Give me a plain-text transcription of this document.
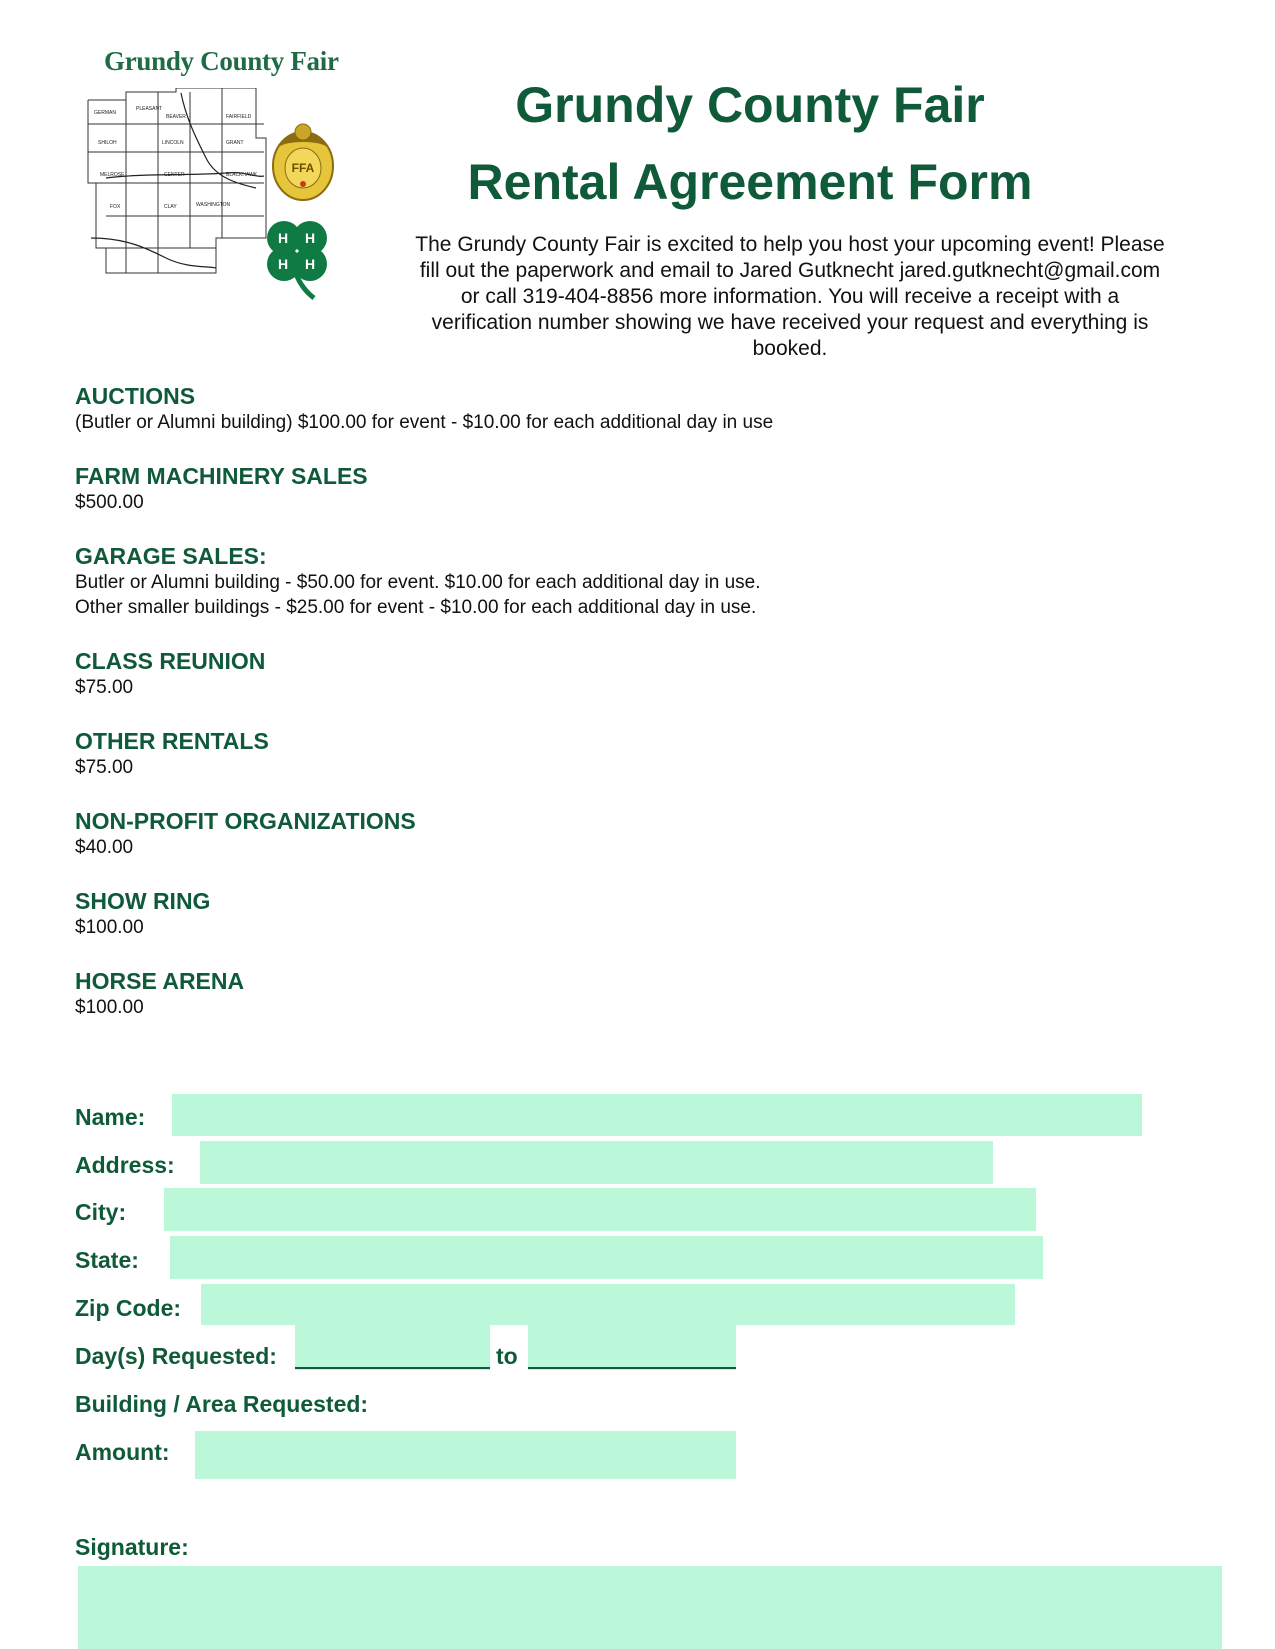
Grundy County Fair
GERMAN
PLEASANT
BEAVER	FAIRFIELD
SHILOH	LINCOLN	GRANT
MELROSE	CENTER	BLACKHAWK
FOX	CLAY	WASHINGTON
FFA
H H
H H
Grundy County Fair
Rental Agreement Form
The Grundy County Fair is excited to help you host your upcoming event! Please
fill out the paperwork and email to Jared Gutknecht jared.gutknecht@gmail.com
or call 319-404-8856 more information. You will receive a receipt with a
verification number showing we have received your request and everything is
booked.
AUCTIONS
(Butler or Alumni building) $100.00 for event - $10.00 for each additional day in use
FARM MACHINERY SALES
$500.00
GARAGE SALES:
Butler or Alumni building - $50.00 for event. $10.00 for each additional day in use.
Other smaller buildings - $25.00 for event - $10.00 for each additional day in use.
CLASS REUNION
$75.00
OTHER RENTALS
$75.00
NON-PROFIT ORGANIZATIONS
$40.00
SHOW RING
$100.00
HORSE ARENA
$100.00
Name:
Address:
City:
State:
Zip Code:
Day(s) Requested:	to
Building / Area Requested:
Amount:
Signature:
